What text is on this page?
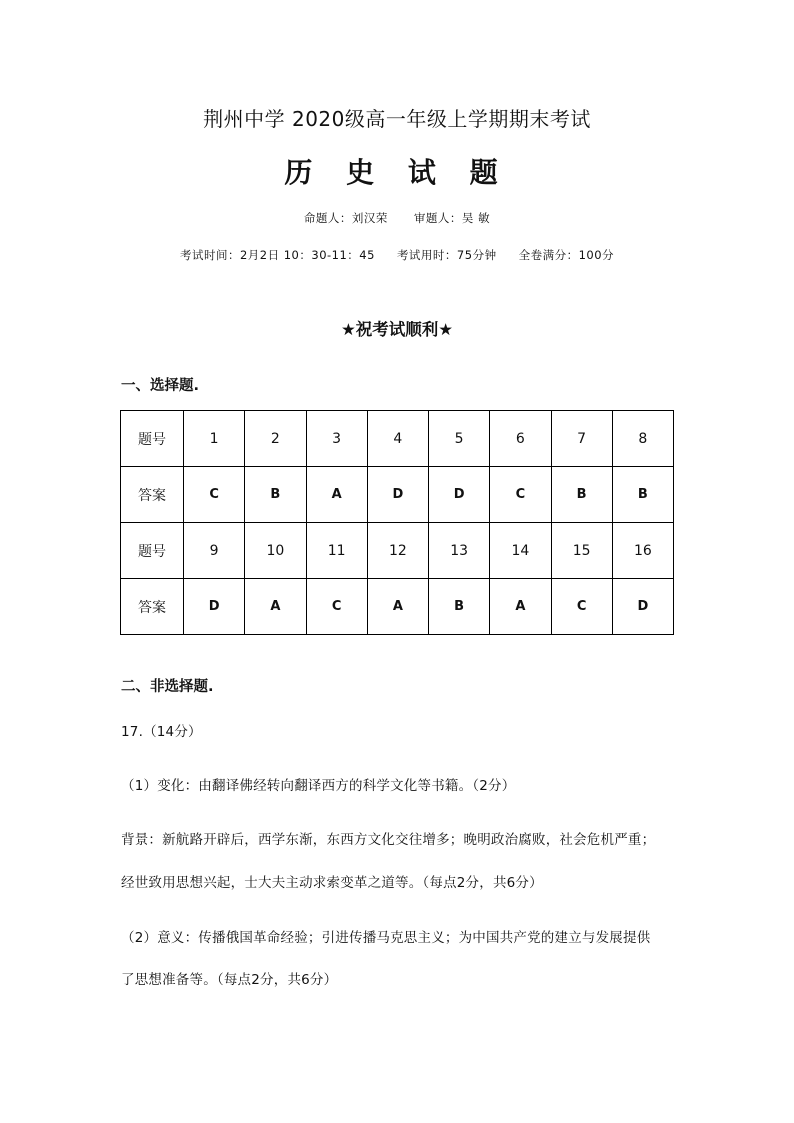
荆州中学 2020级高一年级上学期期末考试
历 史 试 题
命题人：刘汉荣 审题人：吴 敏
考试时间：2月2日 10：30-11：45 考试用时：75分钟 全卷满分：100分
★祝考试顺利★
一、选择题.
题号	1	2	3	4	5	6	7	8
答案	C	B	A	D	D	C	B	B
题号	9	10	11	12	13	14	15	16
答案	D	A	C	A	B	A	C	D
二、非选择题.
17.（14分）
（1）变化：由翻译佛经转向翻译西方的科学文化等书籍。（2分）
背景：新航路开辟后，西学东渐，东西方文化交往增多；晚明政治腐败，社会危机严重；
经世致用思想兴起，士大夫主动求索变革之道等。（每点2分，共6分）
（2）意义：传播俄国革命经验；引进传播马克思主义；为中国共产党的建立与发展提供
了思想准备等。（每点2分，共6分）
